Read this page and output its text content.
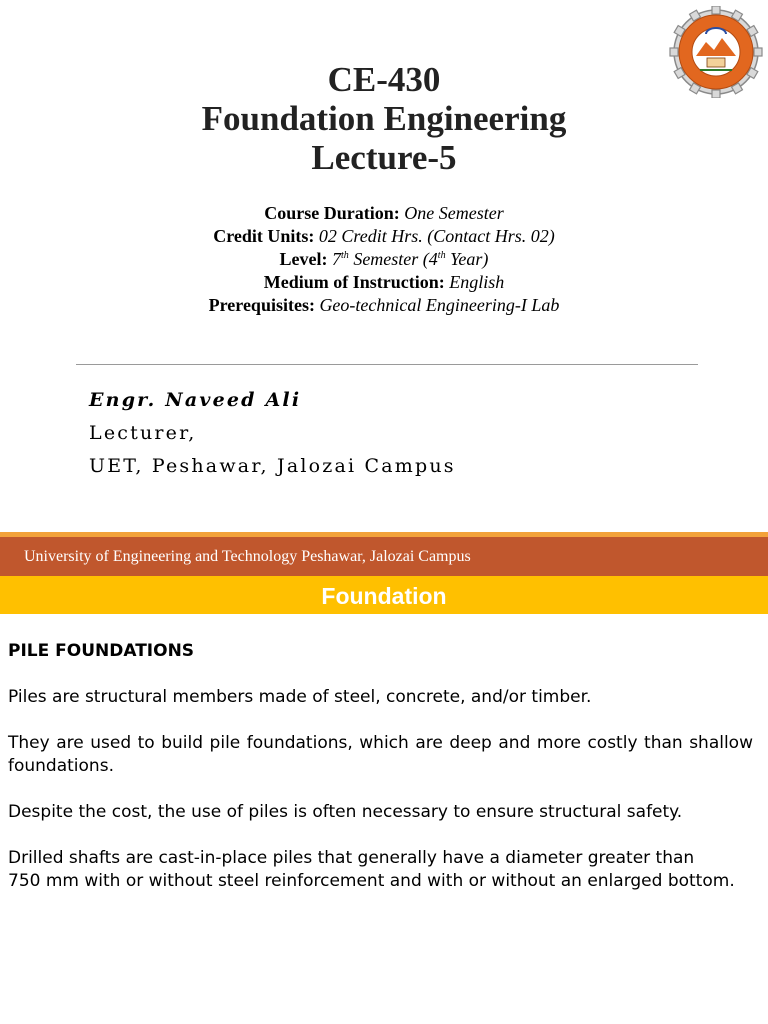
CE-430
Foundation Engineering
Lecture-5
Course Duration: One Semester
Credit Units: 02 Credit Hrs. (Contact Hrs. 02)
Level: 7th Semester (4th Year)
Medium of Instruction: English
Prerequisites: Geo-technical Engineering-I Lab
Engr. Naveed Ali
Lecturer,
UET, Peshawar, Jalozai Campus
University of Engineering and Technology Peshawar, Jalozai Campus
Foundation
PILE FOUNDATIONS

Piles are structural members made of steel, concrete, and/or timber.

They are used to build pile foundations, which are deep and more costly than shallow foundations.

Despite the cost, the use of piles is often necessary to ensure structural safety.

Drilled shafts are cast-in-place piles that generally have a diameter greater than
750 mm with or without steel reinforcement and with or without an enlarged bottom.
